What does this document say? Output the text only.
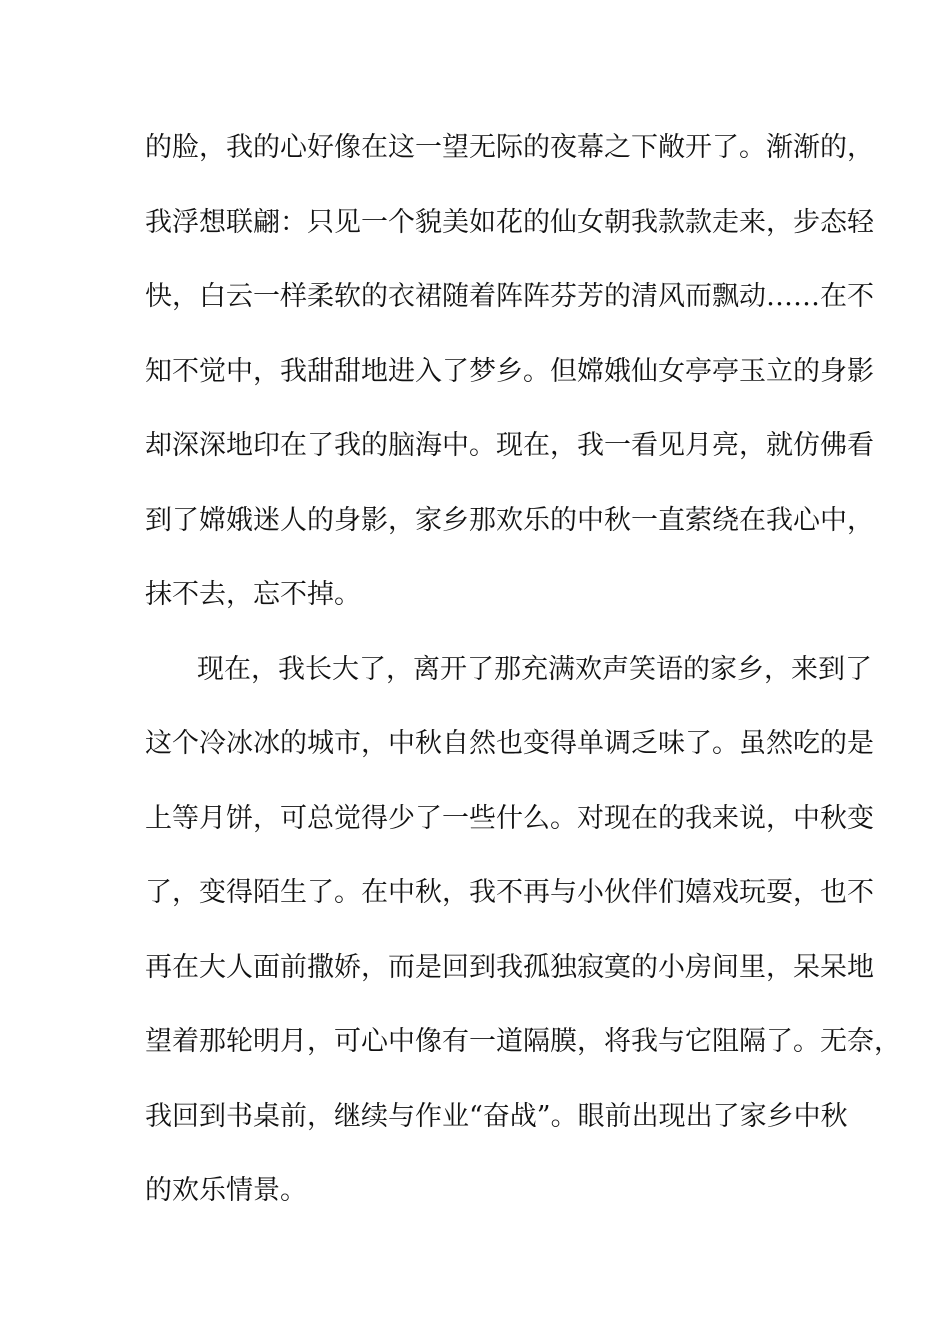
的脸，我的心好像在这一望无际的夜幕之下敞开了。渐渐的，
我浮想联翩：只见一个貌美如花的仙女朝我款款走来，步态轻
快，白云一样柔软的衣裙随着阵阵芬芳的清风而飘动……在不
知不觉中，我甜甜地进入了梦乡。但嫦娥仙女亭亭玉立的身影
却深深地印在了我的脑海中。现在，我一看见月亮，就仿佛看
到了嫦娥迷人的身影，家乡那欢乐的中秋一直萦绕在我心中，
抹不去，忘不掉。
现在，我长大了，离开了那充满欢声笑语的家乡，来到了
这个冷冰冰的城市，中秋自然也变得单调乏味了。虽然吃的是
上等月饼，可总觉得少了一些什么。对现在的我来说，中秋变
了，变得陌生了。在中秋，我不再与小伙伴们嬉戏玩耍，也不
再在大人面前撒娇，而是回到我孤独寂寞的小房间里，呆呆地
望着那轮明月，可心中像有一道隔膜，将我与它阻隔了。无奈，
我回到书桌前，继续与作业“奋战”。眼前出现出了家乡中秋
的欢乐情景。
